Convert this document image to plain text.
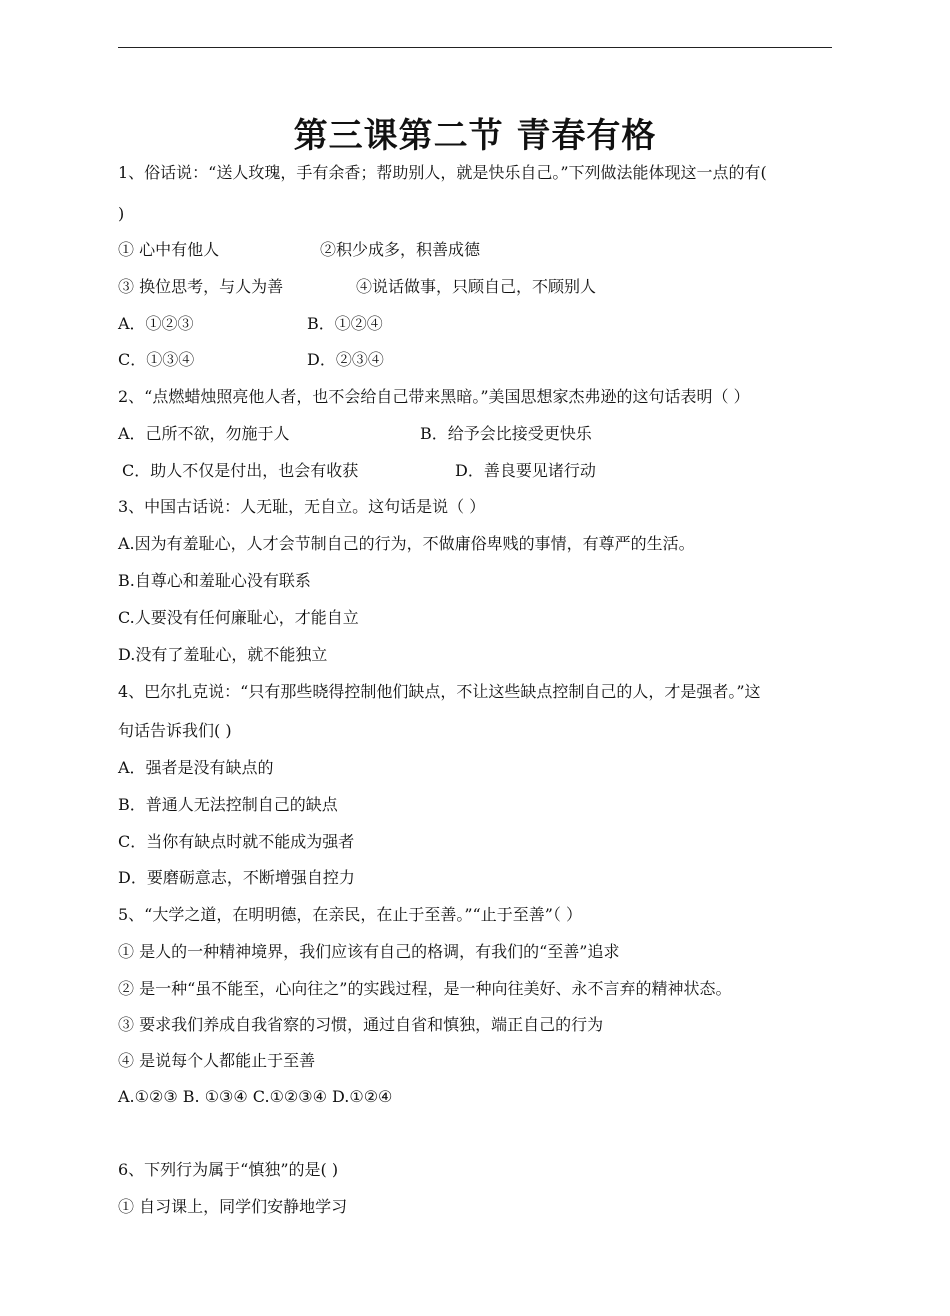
第三课第二节 青春有格
1、俗话说：“送人玫瑰，手有余香；帮助别人，就是快乐自己。”下列做法能体现这一点的有(
)
① 心中有他人	②积少成多，积善成德
③ 换位思考，与人为善	④说话做事，只顾自己，不顾别人
A．①②③	B．①②④
C．①③④	D．②③④
2、“点燃蜡烛照亮他人者，也不会给自己带来黑暗。”美国思想家杰弗逊的这句话表明（ ）
A．己所不欲，勿施于人	B．给予会比接受更快乐
C．助人不仅是付出，也会有收获	D．善良要见诸行动
3、中国古话说：人无耻，无自立。这句话是说（ ）
A.因为有羞耻心，人才会节制自己的行为，不做庸俗卑贱的事情，有尊严的生活。
B.自尊心和羞耻心没有联系
C.人要没有任何廉耻心，才能自立
D.没有了羞耻心，就不能独立
4、巴尔扎克说：“只有那些晓得控制他们缺点，不让这些缺点控制自己的人，才是强者。”这
句话告诉我们( )
A．强者是没有缺点的
B．普通人无法控制自己的缺点
C．当你有缺点时就不能成为强者
D．要磨砺意志，不断增强自控力
5、“大学之道，在明明德，在亲民，在止于至善。”“止于至善”（ ）
① 是人的一种精神境界，我们应该有自己的格调，有我们的“至善”追求
② 是一种“虽不能至，心向往之”的实践过程，是一种向往美好、永不言弃的精神状态。
③ 要求我们养成自我省察的习惯，通过自省和慎独，端正自己的行为
④ 是说每个人都能止于至善
A.①②③ B. ①③④ C.①②③④ D.①②④
6、下列行为属于“慎独”的是( )
① 自习课上，同学们安静地学习
